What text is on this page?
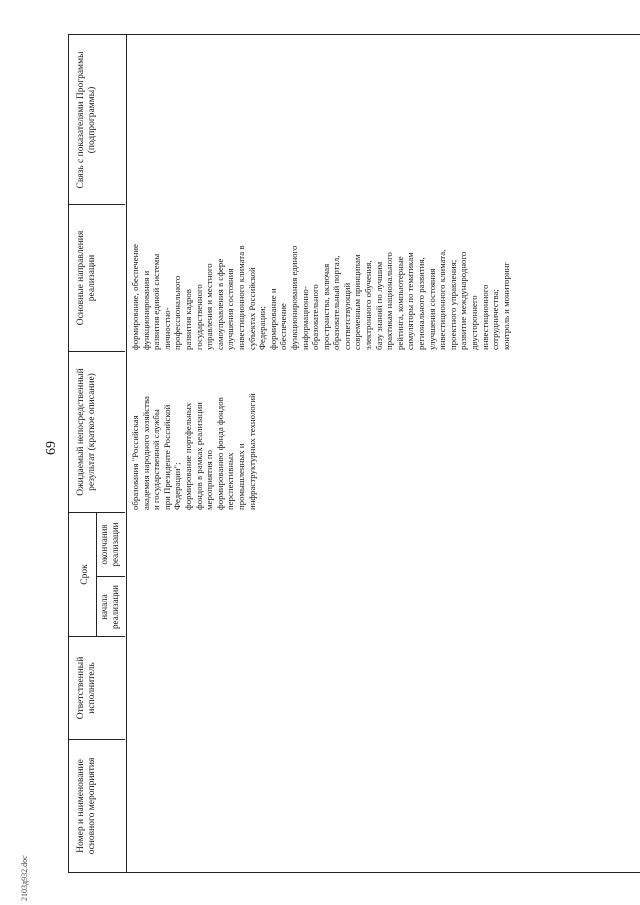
69
2103д932.doc
Номер и наименование
основного мероприятия
Ответственный
исполнитель
Срок
начала
реализации
окончания
реализации
Ожидаемый непосредственный
результат (краткое описание)
Основные направления
реализации
Связь с показателями Программы
(подпрограммы)
образования "Российская
академия народного хозяйства
и государственной службы
при Президенте Российской
Федерации";
формирование портфельных
фондов в рамках реализации
мероприятия по
формированию фонда фондов
перспективных
промышленных и
инфраструктурных технологий
формирование, обеспечение
функционирования и
развития единой системы
личностно-
профессионального
развития кадров
государственного
управления и местного
самоуправления в сфере
улучшения состояния
инвестиционного климата в
субъектах Российской
Федерации;
формирование и
обеспечение
функционирования единого
информационно-
образовательного
пространства, включая
образовательный портал,
соответствующий
современным принципам
электронного обучения,
базу знаний по лучшим
практикам национального
рейтинга, компьютерные
симуляторы по тематикам
регионального развития,
улучшения состояния
инвестиционного климата,
проектного управления;
развитие международного
двустороннего
инвестиционного
сотрудничества;
контроль и мониторинг
